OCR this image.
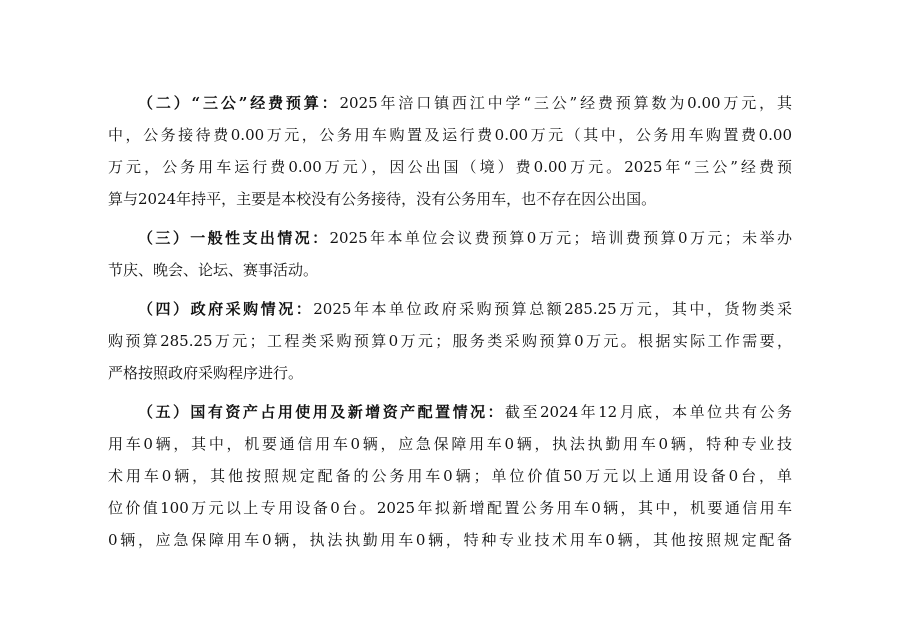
（二）“三公”经费预算：2025年涪口镇西江中学“三公”经费预算数为0.00万元，其
中，公务接待费0.00万元，公务用车购置及运行费0.00万元（其中，公务用车购置费0.00
万元，公务用车运行费0.00万元），因公出国（境）费0.00万元。2025年“三公”经费预
算与2024年持平，主要是本校没有公务接待，没有公务用车，也不存在因公出国。
（三）一般性支出情况：2025年本单位会议费预算0万元；培训费预算0万元；未举办
节庆、晚会、论坛、赛事活动。
（四）政府采购情况：2025年本单位政府采购预算总额285.25万元，其中，货物类采
购预算285.25万元；工程类采购预算0万元；服务类采购预算0万元。根据实际工作需要，
严格按照政府采购程序进行。
（五）国有资产占用使用及新增资产配置情况：截至2024年12月底，本单位共有公务
用车0辆，其中，机要通信用车0辆，应急保障用车0辆，执法执勤用车0辆，特种专业技
术用车0辆，其他按照规定配备的公务用车0辆；单位价值50万元以上通用设备0台，单
位价值100万元以上专用设备0台。2025年拟新增配置公务用车0辆，其中，机要通信用车
0辆，应急保障用车0辆，执法执勤用车0辆，特种专业技术用车0辆，其他按照规定配备
